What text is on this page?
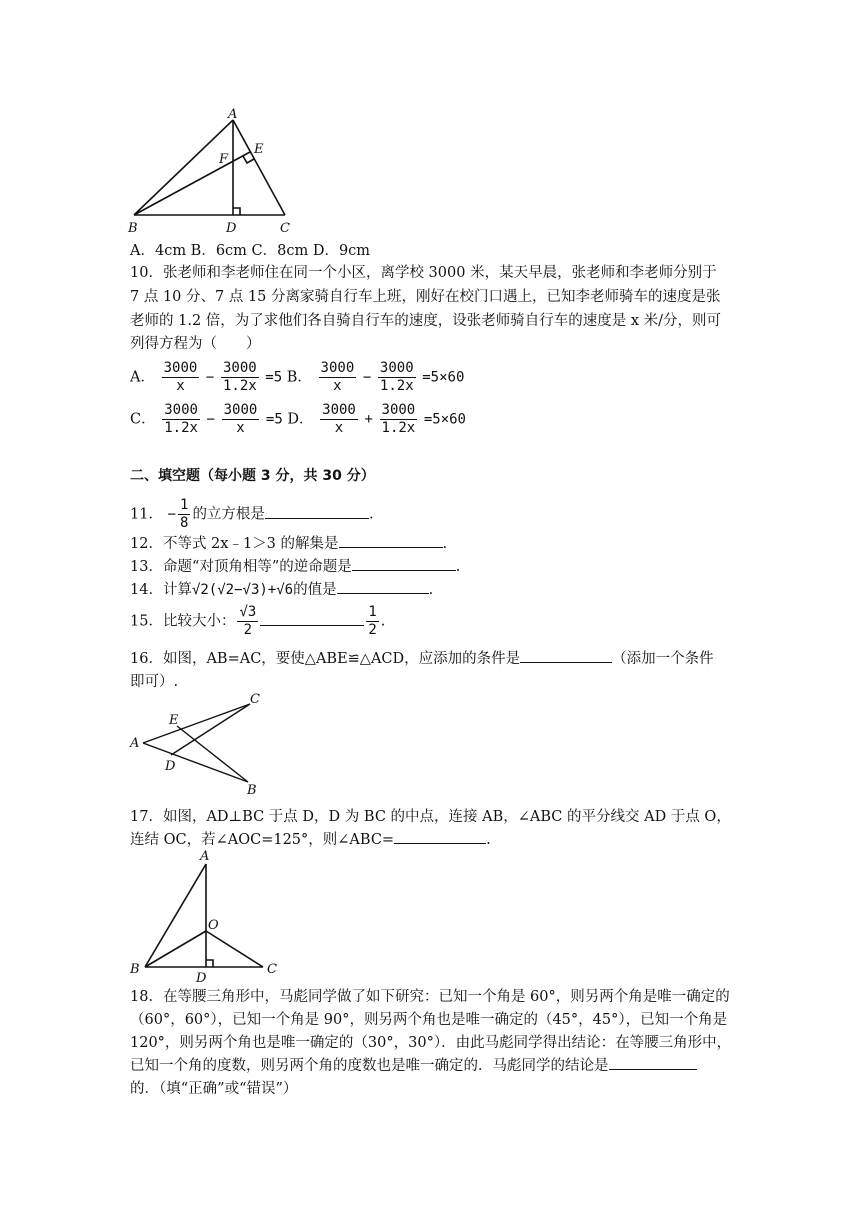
A
B	C
D
E
F
A．4cm B．6cm C．8cm D．9cm
10．张老师和李老师住在同一个小区，离学校 3000 米，某天早晨，张老师和李老师分别于
7 点 10 分、7 点 15 分离家骑自行车上班，刚好在校门口遇上，已知李老师骑车的速度是张
老师的 1.2 倍，为了求他们各自骑自行车的速度，设张老师骑自行车的速度是 x 米/分，则可
列得方程为（　　）
A． $\frac{3000}{x} - \frac{3000}{1.2x} =5$ B． $\frac{3000}{x} - \frac{3000}{1.2x} =5\times 60$
C． $\frac{3000}{1.2x} - \frac{3000}{x} =5$ D． $\frac{3000}{x} + \frac{3000}{1.2x} =5\times 60$
二、填空题（每小题 3 分，共 30 分）
11． − $\frac{1}{8}$ 的立方根是	.
12．不等式 2x﹣1＞3 的解集是	.
13．命题“对顶角相等”的逆命题是	.
14．计算√2(√2−√3)+√6的值是	.
15．比较大小： $\frac{√3}{2}$	$\frac{1}{2}$ .
16．如图，AB=AC，要使△ABE≌△ACD，应添加的条件是	（添加一个条件
即可）.
A
B
C
D
E
17．如图，AD⊥BC 于点 D，D 为 BC 的中点，连接 AB，∠ABC 的平分线交 AD 于点 O，
连结 OC，若∠AOC=125°，则∠ABC=	.
A
B	C
D
O
18．在等腰三角形中，马彪同学做了如下研究：已知一个角是 60°，则另两个角是唯一确定的
（60°，60°），已知一个角是 90°，则另两个角也是唯一确定的（45°，45°），已知一个角是
120°，则另两个角也是唯一确定的（30°，30°）．由此马彪同学得出结论：在等腰三角形中，
已知一个角的度数，则另两个角的度数也是唯一确定的．马彪同学的结论是
的．（填“正确”或“错误”）
